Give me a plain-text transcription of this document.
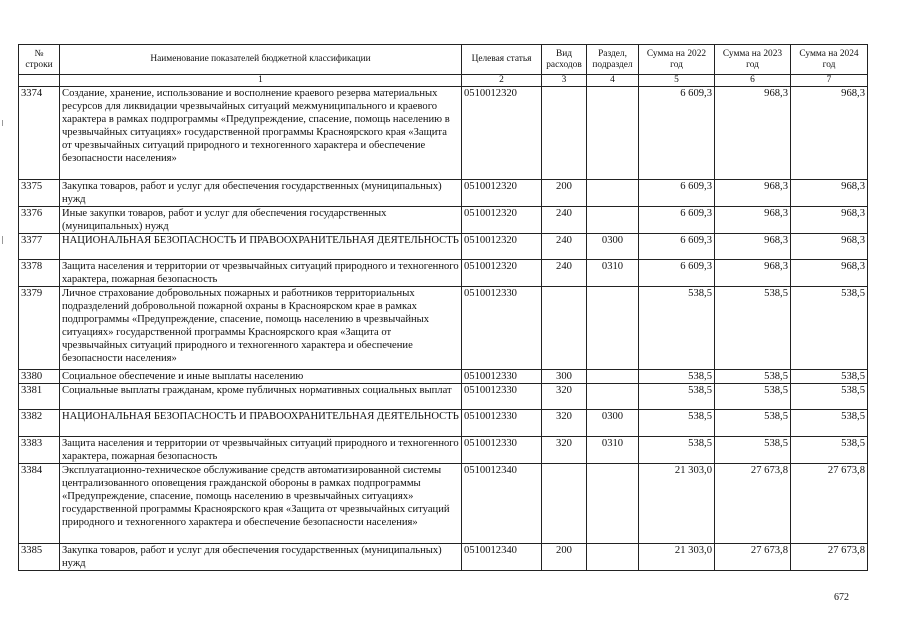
№ строки	Наименование показателей бюджетной классификации	Целевая статья	Вид расходов	Раздел, подраздел	Сумма на 2022 год	Сумма на 2023 год	Сумма на 2024 год
	1	2	3	4	5	6	7
3374	Создание, хранение, использование и восполнение краевого резерва материальных ресурсов для ликвидации чрезвычайных ситуаций межмуниципального и краевого характера в рамках подпрограммы «Предупреждение, спасение, помощь населению в чрезвычайных ситуациях» государственной программы Красноярского края «Защита от чрезвычайных ситуаций природного и техногенного характера и обеспечение безопасности населения»	0510012320			6 609,3	968,3	968,3
3375	Закупка товаров, работ и услуг для обеспечения государственных (муниципальных) нужд	0510012320	200		6 609,3	968,3	968,3
3376	Иные закупки товаров, работ и услуг для обеспечения государственных (муниципальных) нужд	0510012320	240		6 609,3	968,3	968,3
3377	НАЦИОНАЛЬНАЯ БЕЗОПАСНОСТЬ И ПРАВООХРАНИТЕЛЬНАЯ ДЕЯТЕЛЬНОСТЬ	0510012320	240	0300	6 609,3	968,3	968,3
3378	Защита населения и территории от чрезвычайных ситуаций природного и техногенного характера, пожарная безопасность	0510012320	240	0310	6 609,3	968,3	968,3
3379	Личное страхование добровольных пожарных и работников территориальных подразделений добровольной пожарной охраны в Красноярском крае в рамках подпрограммы «Предупреждение, спасение, помощь населению в чрезвычайных ситуациях» государственной программы Красноярского края «Защита от чрезвычайных ситуаций природного и техногенного характера и обеспечение безопасности населения»	0510012330			538,5	538,5	538,5
3380	Социальное обеспечение и иные выплаты населению	0510012330	300		538,5	538,5	538,5
3381	Социальные выплаты гражданам, кроме публичных нормативных социальных выплат	0510012330	320		538,5	538,5	538,5
3382	НАЦИОНАЛЬНАЯ БЕЗОПАСНОСТЬ И ПРАВООХРАНИТЕЛЬНАЯ ДЕЯТЕЛЬНОСТЬ	0510012330	320	0300	538,5	538,5	538,5
3383	Защита населения и территории от чрезвычайных ситуаций природного и техногенного характера, пожарная безопасность	0510012330	320	0310	538,5	538,5	538,5
3384	Эксплуатационно-техническое обслуживание средств автоматизированной системы централизованного оповещения гражданской обороны в рамках подпрограммы «Предупреждение, спасение, помощь населению в чрезвычайных ситуациях» государственной программы Красноярского края «Защита от чрезвычайных ситуаций природного и техногенного характера и обеспечение безопасности населения»	0510012340			21 303,0	27 673,8	27 673,8
3385	Закупка товаров, работ и услуг для обеспечения государственных (муниципальных) нужд	0510012340	200		21 303,0	27 673,8	27 673,8
672
